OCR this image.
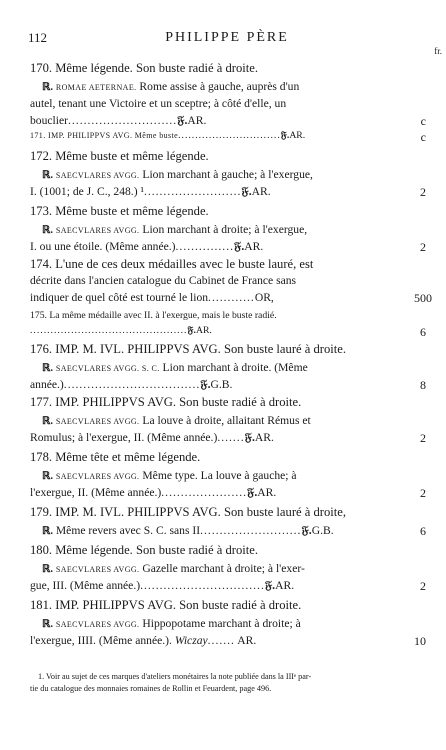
112	PHILIPPE PÈRE
fr.
170. Même légende. Son buste radié à droite.
ℝ. ROMAE AETERNAE. Rome assise à gauche, auprès d'un
autel, tenant une Victoire et un sceptre; à côté d'elle, un
bouclier............................𝔉.AR.	c
171. IMP. PHILIPPVS AVG. Même buste..............................𝔉.AR.	c
172. Même buste et même légende.
ℝ. SAECVLARES AVGG. Lion marchant à gauche; à l'exergue,
I. (1001; de J. C., 248.) ¹.........................𝔉.AR.	2
173. Même buste et même légende.
ℝ. SAECVLARES AVGG. Lion marchant à droite; à l'exergue,
I. ou une étoile. (Même année.)...............𝔉.AR.	2
174. L'une de ces deux médailles avec le buste lauré, est
décrite dans l'ancien catalogue du Cabinet de France sans
indiquer de quel côté est tourné le lion............OR,	500
175. La même médaille avec II. à l'exergue, mais le buste radié.
..............................................𝔉.AR.	6
176. IMP. M. IVL. PHILIPPVS AVG. Son buste lauré à droite.
ℝ. SAECVLARES AVGG. S. C. Lion marchant à droite. (Même
année.)...................................𝔉.G.B.	8
177. IMP. PHILIPPVS AVG. Son buste radié à droite.
ℝ. SAECVLARES AVGG. La louve à droite, allaitant Rémus et
Romulus; à l'exergue, II. (Même année.).......𝔉.AR.	2
178. Même tête et même légende.
ℝ. SAECVLARES AVGG. Même type. La louve à gauche; à
l'exergue, II. (Même année.)......................𝔉.AR.	2
179. IMP. M. IVL. PHILIPPVS AVG. Son buste lauré à droite,
ℝ. Même revers avec S. C. sans II..........................𝔉.G.B.	6
180. Même légende. Son buste radié à droite.
ℝ. SAECVLARES AVGG. Gazelle marchant à droite; à l'exer-
gue, III. (Même année.)................................𝔉.AR.	2
181. IMP. PHILIPPVS AVG. Son buste radié à droite.
ℝ. SAECVLARES AVGG. Hippopotame marchant à droite; à
l'exergue, IIII. (Même année.). Wiczay....... AR.	10
1. Voir au sujet de ces marques d'ateliers monétaires la note publiée dans la IIIᵉ par-
tie du catalogue des monnaies romaines de Rollin et Feuardent, page 496.
